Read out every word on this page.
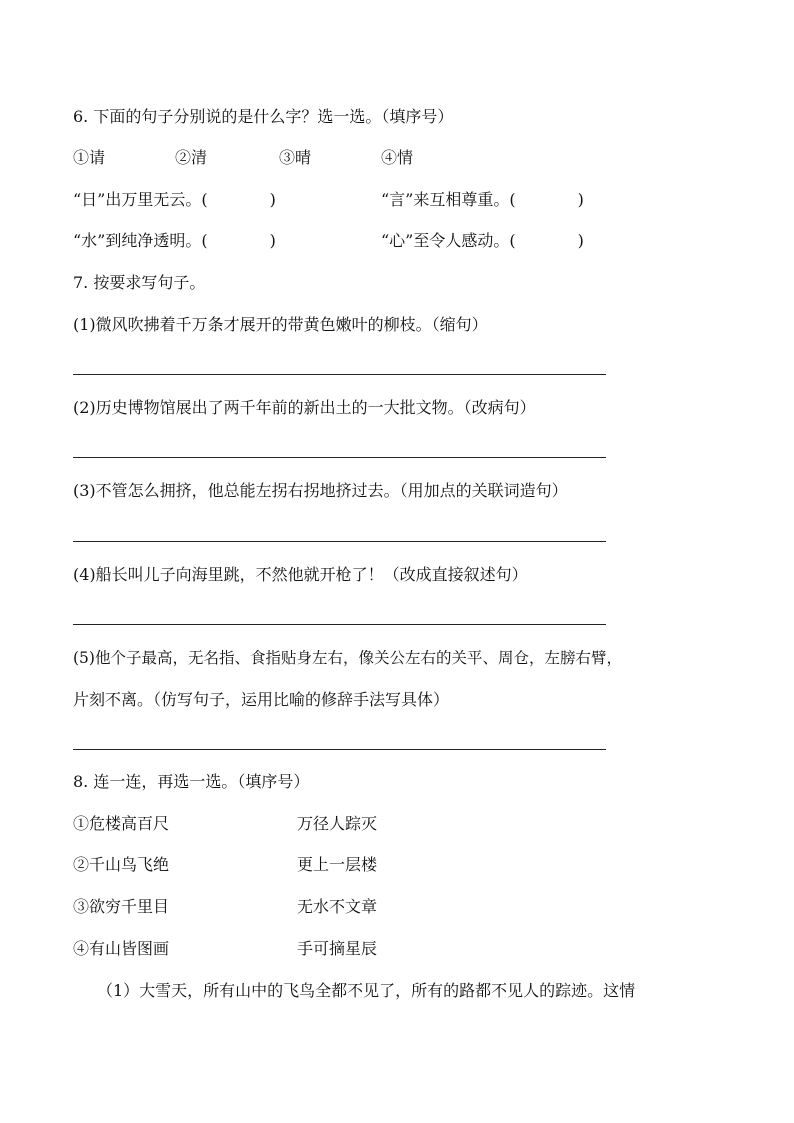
6. 下面的句子分别说的是什么字？选一选。（填序号）
①请	②清	③晴	④情
“日”出万里无云。(	)	“言”来互相尊重。(	)
“水”到纯净透明。(	)	“心”至令人感动。(	)
7. 按要求写句子。
(1)微风吹拂着千万条才展开的带黄色嫩叶的柳枝。（缩句）
(2)历史博物馆展出了两千年前的新出土的一大批文物。（改病句）
(3)不管怎么拥挤，他总能左拐右拐地挤过去。（用加点的关联词造句）
(4)船长叫儿子向海里跳，不然他就开枪了！（改成直接叙述句）
(5)他个子最高，无名指、食指贴身左右，像关公左右的关平、周仓，左膀右臂，
片刻不离。（仿写句子，运用比喻的修辞手法写具体）
8. 连一连，再选一选。（填序号）
①危楼高百尺	万径人踪灭
②千山鸟飞绝	更上一层楼
③欲穷千里目	无水不文章
④有山皆图画	手可摘星辰
（1）大雪天，所有山中的飞鸟全都不见了，所有的路都不见人的踪迹。这情
